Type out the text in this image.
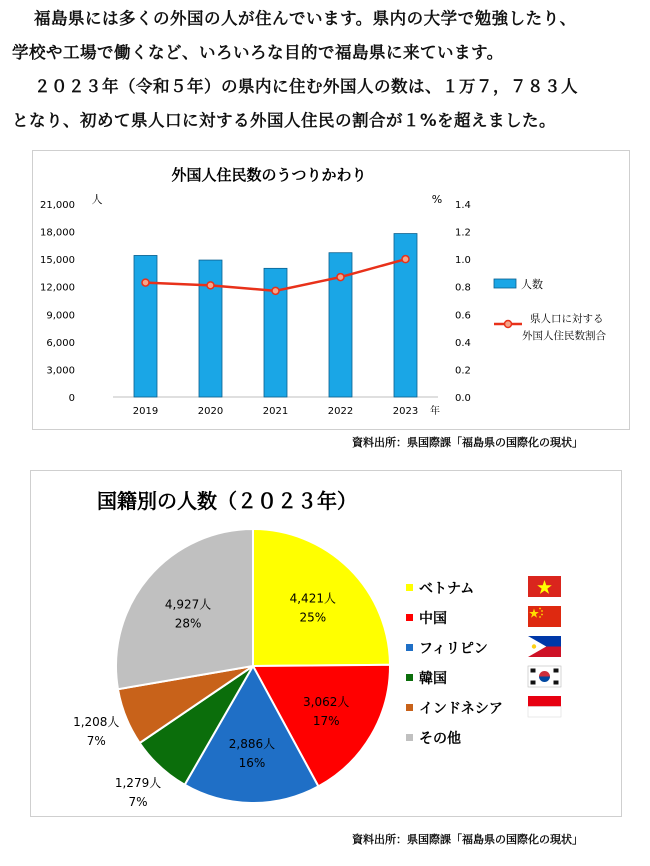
福島県には多くの外国の人が住んでいます。県内の大学で勉強したり、
学校や工場で働くなど、いろいろな目的で福島県に来ています。
２０２３年（令和５年）の県内に住む外国人の数は、１万７，７８３人
となり、初めて県人口に対する外国人住民の割合が１%を超えました。
外国人住民数のうつりかわり
人	%
0
3,000
6,000
9,000
12,000
15,000
18,000
21,000
0.0
0.2
0.4
0.6
0.8
1.0
1.2
1.4
2019	2020	2021	2022	2023 年
人数
県人口に対する
外国人住民数割合
資料出所：県国際課「福島県の国際化の現状」
国籍別の人数（２０２３年）
4,421人
25%
3,062人
17%
2,886人
16%
1,279人
7%
1,208人
7%
4,927人
28%
ベトナム
中国
フィリピン
韓国
インドネシア
その他
資料出所：県国際課「福島県の国際化の現状」
